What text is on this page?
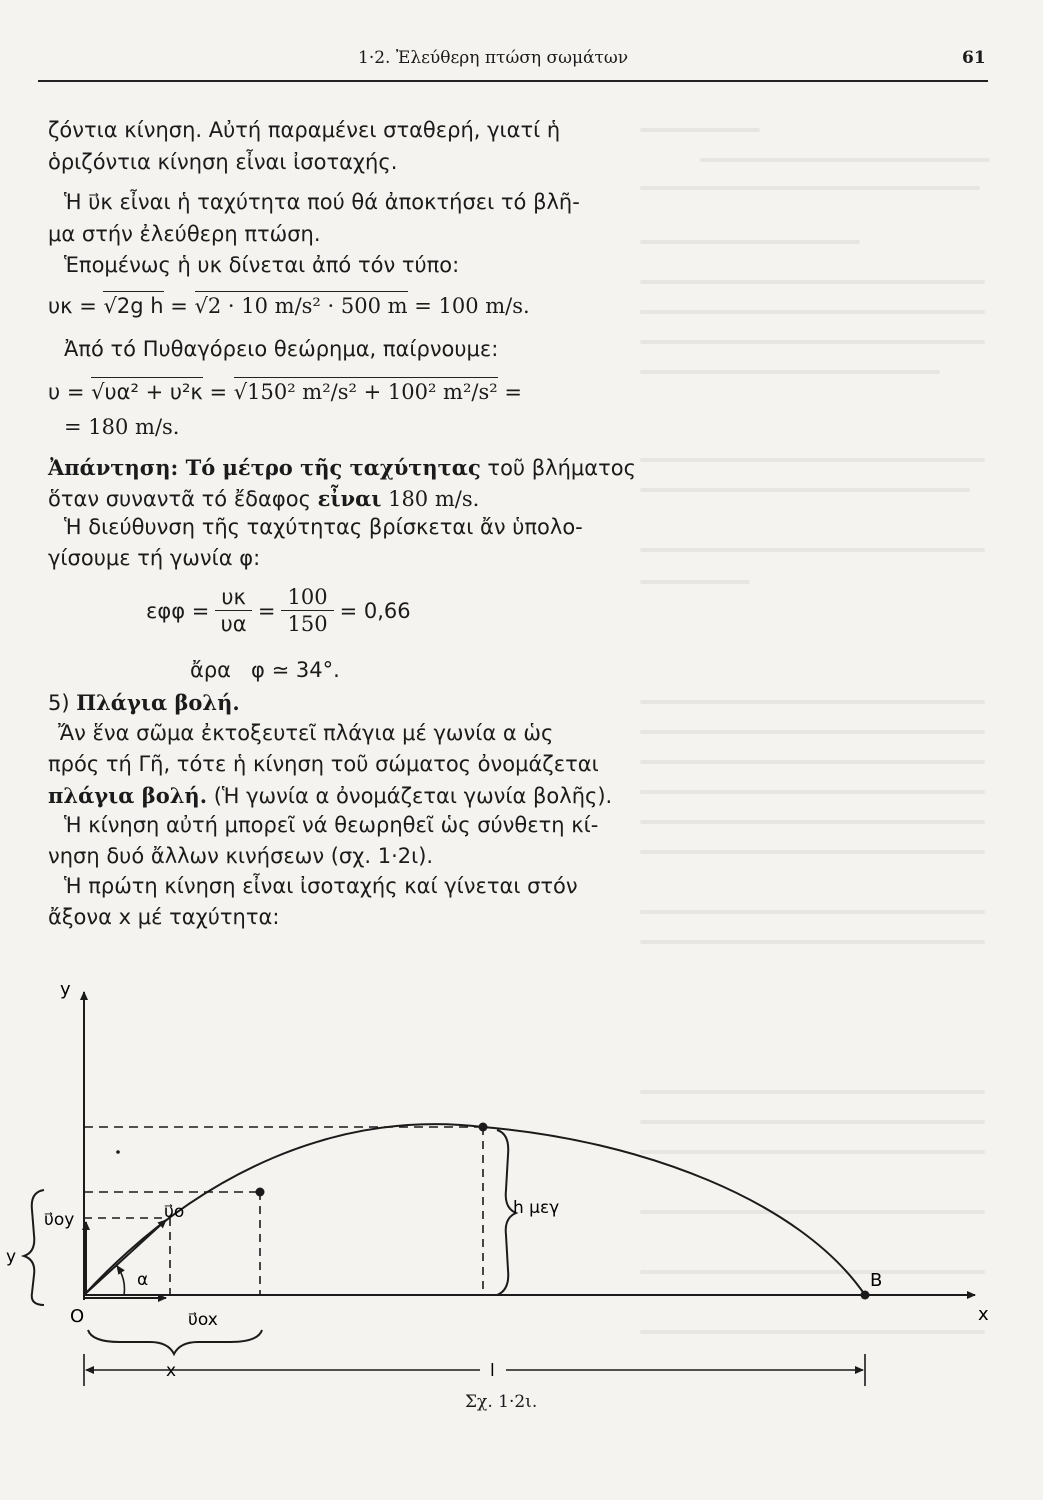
1·2. Ἐλεύθερη πτώση σωμάτων	61
ζόντια κίνηση. Αὐτή παραμένει σταθερή, γιατί ἡ
ὁριζόντια κίνηση εἶναι ἰσοταχής.
Ἡ υ⃗κ εἶναι ἡ ταχύτητα πού θά ἀποκτήσει τό βλῆ-
μα στήν ἐλεύθερη πτώση.
Ἑπομένως ἡ υκ δίνεται ἀπό τόν τύπο:
υκ = √2g h = √2 · 10 m/s² · 500 m = 100 m/s.
Ἀπό τό Πυθαγόρειο θεώρημα, παίρνουμε:
υ = √υα² + υ²κ = √150² m²/s² + 100² m²/s² =
= 180 m/s.
Ἀπάντηση: Τό μέτρο τῆς ταχύτητας τοῦ βλήματος
ὅταν συναντᾶ τό ἔδαφος εἶναι 180 m/s.
Ἡ διεύθυνση τῆς ταχύτητας βρίσκεται ἄν ὑπολο-
γίσουμε τή γωνία φ:
$\varepsilon\varphi\varphi = \frac{\upsilon\kappa}{\upsilon\alpha} = \frac{100}{150} = 0,66$
ἄρα   φ ≃ 34°.
5) Πλάγια βολή.
Ἄν ἕνα σῶμα ἐκτοξευτεῖ πλάγια μέ γωνία α ὡς
πρός τή Γῆ, τότε ἡ κίνηση τοῦ σώματος ὀνομάζεται
πλάγια βολή. (Ἡ γωνία α ὀνομάζεται γωνία βολῆς).
Ἡ κίνηση αὐτή μπορεῖ νά θεωρηθεῖ ὡς σύνθετη κί-
νηση δυό ἄλλων κινήσεων (σχ. 1·2ι).
Ἡ πρώτη κίνηση εἶναι ἰσοταχής καί γίνεται στόν
ἄξονα x μέ ταχύτητα:
y
x
O
α
υ⃗ο
υ⃗οy
υ⃗ox
y
h μεγ
B
x	l
Σχ. 1·2ι.
